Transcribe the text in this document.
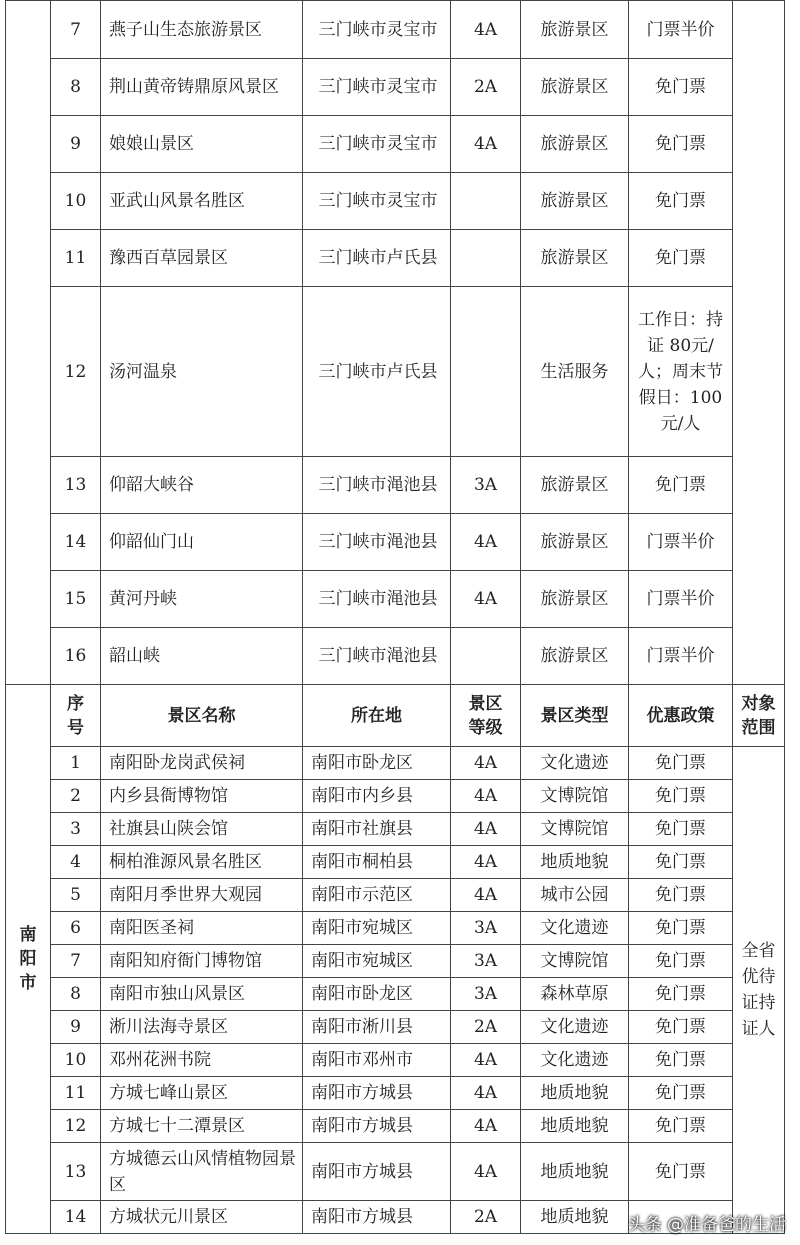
	7	燕子山生态旅游景区	三门峡市灵宝市	4A	旅游景区	门票半价	
	8	荆山黄帝铸鼎原风景区	三门峡市灵宝市	2A	旅游景区	免门票	
	9	娘娘山景区	三门峡市灵宝市	4A	旅游景区	免门票	
	10	亚武山风景名胜区	三门峡市灵宝市		旅游景区	免门票	
	11	豫西百草园景区	三门峡市卢氏县		旅游景区	免门票	
	12	汤河温泉	三门峡市卢氏县		生活服务	工作日：持证 80元/人；周末节假日：100元/人	

	13	仰韶大峡谷	三门峡市渑池县	3A	旅游景区	免门票	
	14	仰韶仙门山	三门峡市渑池县	4A	旅游景区	门票半价	
	15	黄河丹峡	三门峡市渑池县	4A	旅游景区	门票半价	
	16	韶山峡	三门峡市渑池县		旅游景区	门票半价	

南阳市	序号	景区名称	所在地	景区等级	景区类型	优惠政策	对象范围

	1	南阳卧龙岗武侯祠	南阳市卧龙区	4A	文化遗迹	免门票	全省优待证持证人

	2	内乡县衙博物馆	南阳市内乡县	4A	文博院馆	免门票	
	3	社旗县山陕会馆	南阳市社旗县	4A	文博院馆	免门票	
	4	桐柏淮源风景名胜区	南阳市桐柏县	4A	地质地貌	免门票	
	5	南阳月季世界大观园	南阳市示范区	4A	城市公园	免门票	
	6	南阳医圣祠	南阳市宛城区	3A	文化遗迹	免门票	
	7	南阳知府衙门博物馆	南阳市宛城区	3A	文博院馆	免门票	
	8	南阳市独山风景区	南阳市卧龙区	3A	森林草原	免门票	
	9	淅川法海寺景区	南阳市淅川县	2A	文化遗迹	免门票	
	10	邓州花洲书院	南阳市邓州市	4A	文化遗迹	免门票	
	11	方城七峰山景区	南阳市方城县	4A	地质地貌	免门票	
	12	方城七十二潭景区	南阳市方城县	4A	地质地貌	免门票	
	13	方城德云山风情植物园景区	南阳市方城县	4A	地质地貌	免门票	
	14	方城状元川景区	南阳市方城县	2A	地质地貌		头条 @准备爸的生活
